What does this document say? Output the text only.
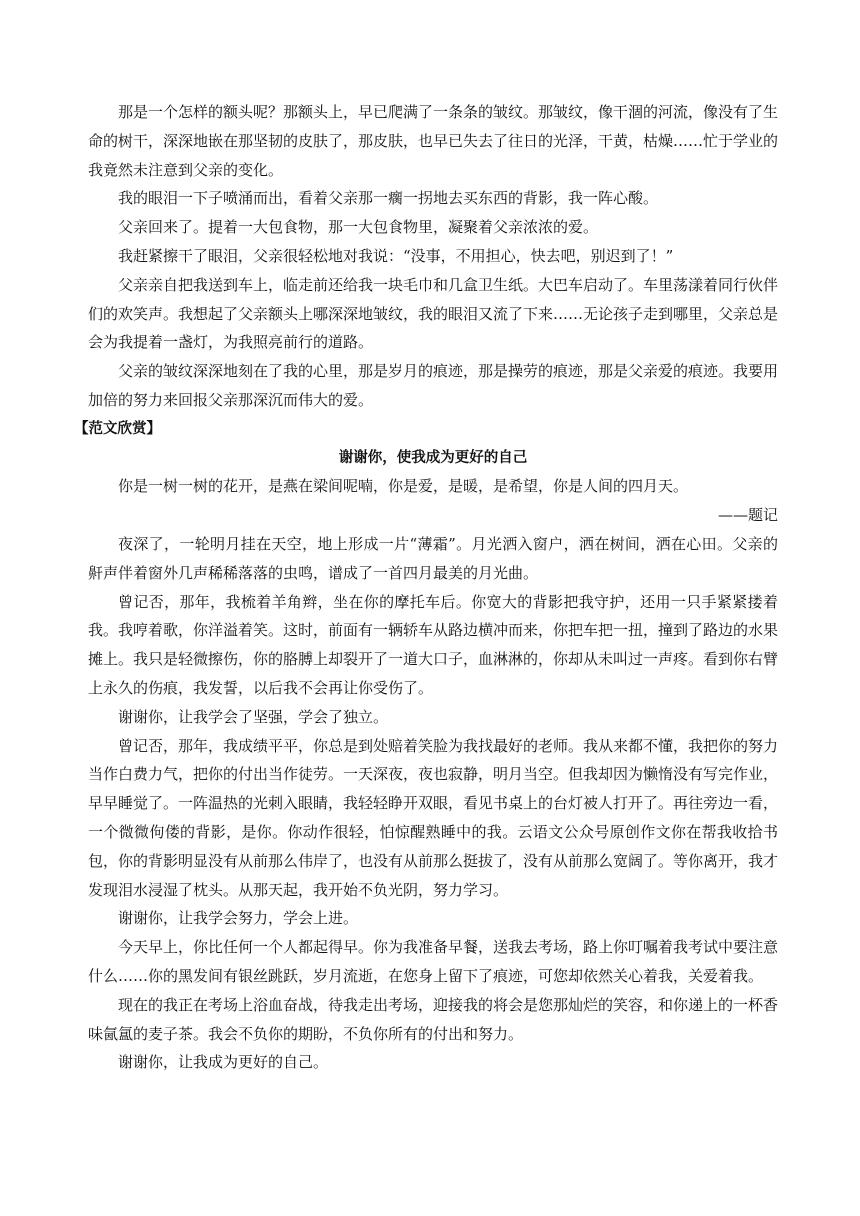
那是一个怎样的额头呢？那额头上，早已爬满了一条条的皱纹。那皱纹，像干涸的河流，像没有了生命的树干，深深地嵌在那坚韧的皮肤了，那皮肤，也早已失去了往日的光泽，干黄，枯燥……忙于学业的我竟然未注意到父亲的变化。

我的眼泪一下子喷涌而出，看着父亲那一瘸一拐地去买东西的背影，我一阵心酸。

父亲回来了。提着一大包食物，那一大包食物里，凝聚着父亲浓浓的爱。

我赶紧擦干了眼泪，父亲很轻松地对我说：“没事，不用担心，快去吧，别迟到了！”

父亲亲自把我送到车上，临走前还给我一块毛巾和几盒卫生纸。大巴车启动了。车里荡漾着同行伙伴们的欢笑声。我想起了父亲额头上哪深深地皱纹，我的眼泪又流了下来……无论孩子走到哪里，父亲总是会为我提着一盏灯，为我照亮前行的道路。

父亲的皱纹深深地刻在了我的心里，那是岁月的痕迹，那是操劳的痕迹，那是父亲爱的痕迹。我要用加倍的努力来回报父亲那深沉而伟大的爱。

【范文欣赏】

谢谢你，使我成为更好的自己

你是一树一树的花开，是燕在梁间呢喃，你是爱，是暖，是希望，你是人间的四月天。

——题记

夜深了，一轮明月挂在天空，地上形成一片“薄霜”。月光洒入窗户，洒在树间，洒在心田。父亲的鼾声伴着窗外几声稀稀落落的虫鸣，谱成了一首四月最美的月光曲。

曾记否，那年，我梳着羊角辫，坐在你的摩托车后。你宽大的背影把我守护，还用一只手紧紧搂着我。我哼着歌，你洋溢着笑。这时，前面有一辆轿车从路边横冲而来，你把车把一扭，撞到了路边的水果摊上。我只是轻微擦伤，你的胳膊上却裂开了一道大口子，血淋淋的，你却从未叫过一声疼。看到你右臂上永久的伤痕，我发誓，以后我不会再让你受伤了。

谢谢你，让我学会了坚强，学会了独立。

曾记否，那年，我成绩平平，你总是到处赔着笑脸为我找最好的老师。我从来都不懂，我把你的努力当作白费力气，把你的付出当作徒劳。一天深夜，夜也寂静，明月当空。但我却因为懒惰没有写完作业，早早睡觉了。一阵温热的光刺入眼睛，我轻轻睁开双眼，看见书桌上的台灯被人打开了。再往旁边一看，一个微微佝偻的背影，是你。你动作很轻，怕惊醒熟睡中的我。云语文公众号原创作文你在帮我收拾书包，你的背影明显没有从前那么伟岸了，也没有从前那么挺拔了，没有从前那么宽阔了。等你离开，我才发现泪水浸湿了枕头。从那天起，我开始不负光阴，努力学习。

谢谢你，让我学会努力，学会上进。

今天早上，你比任何一个人都起得早。你为我准备早餐，送我去考场，路上你叮嘱着我考试中要注意什么……你的黑发间有银丝跳跃，岁月流逝，在您身上留下了痕迹，可您却依然关心着我，关爱着我。

现在的我正在考场上浴血奋战，待我走出考场，迎接我的将会是您那灿烂的笑容，和你递上的一杯香味氤氲的麦子茶。我会不负你的期盼，不负你所有的付出和努力。

谢谢你，让我成为更好的自己。
